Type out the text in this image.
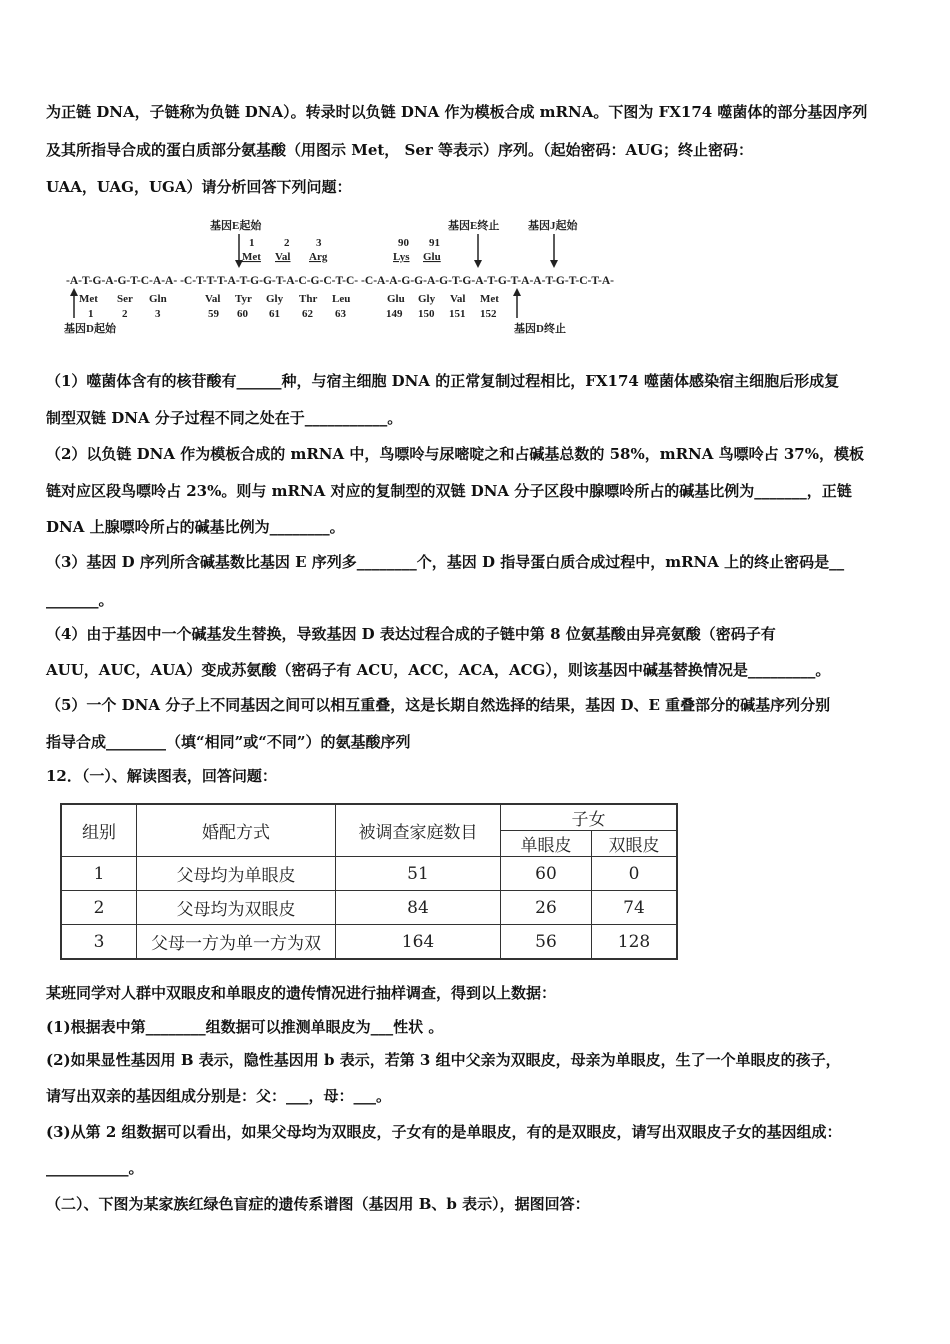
为正链 DNA，子链称为负链 DNA）。转录时以负链 DNA 作为模板合成 mRNA。下图为 FX174 噬菌体的部分基因序列
及其所指导合成的蛋白质部分氨基酸（用图示 Met， Ser 等表示）序列。（起始密码：AUG；终止密码：
UAA，UAG，UGA）请分析回答下列问题：
基因E起始	基因E终止	基因J起始
1	2 3	90 91
Met Val Arg	Lys Glu
-A-T-G-A-G-T-C-A-A- -C-T-T-T-A-T-G-G-T-A-C-G-C-T-C- -C-A-A-G-G-A-G-T-G-A-T-G-T-A-A-T-G-T-C-T-A-
Met Ser Gln	Val Tyr Gly Thr Leu	Glu Gly Val Met
1	2	3	59 60 61 62 63	149 150 151 152
基因D起始	基因D终止
（1）噬菌体含有的核苷酸有______种，与宿主细胞 DNA 的正常复制过程相比，FX174 噬菌体感染宿主细胞后形成复
制型双链 DNA 分子过程不同之处在于___________。
（2）以负链 DNA 作为模板合成的 mRNA 中，鸟嘌呤与尿嘧啶之和占碱基总数的 58%，mRNA 鸟嘌呤占 37%，模板
链对应区段鸟嘌呤占 23%。则与 mRNA 对应的复制型的双链 DNA 分子区段中腺嘌呤所占的碱基比例为_______，正链
DNA 上腺嘌呤所占的碱基比例为________。
（3）基因 D 序列所含碱基数比基因 E 序列多________个，基因 D 指导蛋白质合成过程中，mRNA 上的终止密码是__
_______。
（4）由于基因中一个碱基发生替换，导致基因 D 表达过程合成的子链中第 8 位氨基酸由异亮氨酸（密码子有
AUU，AUC，AUA）变成苏氨酸（密码子有 ACU，ACC，ACA，ACG），则该基因中碱基替换情况是_________。
（5）一个 DNA 分子上不同基因之间可以相互重叠，这是长期自然选择的结果，基因 D、E 重叠部分的碱基序列分别
指导合成________（填“相同”或“不同”）的氨基酸序列
12．（一）、解读图表，回答问题：
组别	婚配方式	被调查家庭数目	子女	
			单眼皮	双眼皮
1	父母均为单眼皮	51	60	0
2	父母均为双眼皮	84	26	74
3	父母一方为单一方为双	164	56	128
某班同学对人群中双眼皮和单眼皮的遗传情况进行抽样调查，得到以上数据：
(1)根据表中第________组数据可以推测单眼皮为___性状 。
(2)如果显性基因用 B 表示，隐性基因用 b 表示，若第 3 组中父亲为双眼皮，母亲为单眼皮，生了一个单眼皮的孩子，
请写出双亲的基因组成分别是：父：___，母：___。
(3)从第 2 组数据可以看出，如果父母均为双眼皮，子女有的是单眼皮，有的是双眼皮，请写出双眼皮子女的基因组成：
___________。
（二）、下图为某家族红绿色盲症的遗传系谱图（基因用 B、b 表示），据图回答：
